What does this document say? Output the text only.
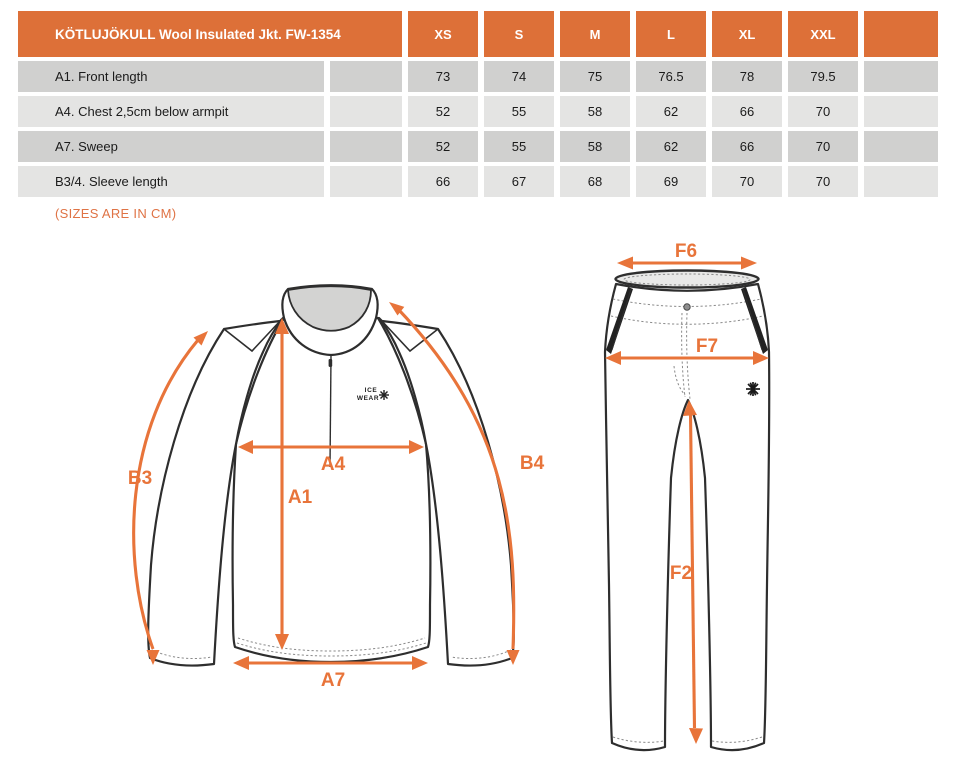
KÖTLUJÖKULL Wool Insulated Jkt. FW-1354	XS	S	M	L	XL	XXL
A1. Front length	73	74	75	76.5	78	79.5
A4. Chest 2,5cm below armpit	52	55	58	62	66	70
A7. Sweep	52	55	58	62	66	70
B3/4. Sleeve length	66	67	68	69	70	70
(SIZES ARE IN CM)
ICE
WEAR
A4
A1
A7
B3
B4
F6
F7
F2
